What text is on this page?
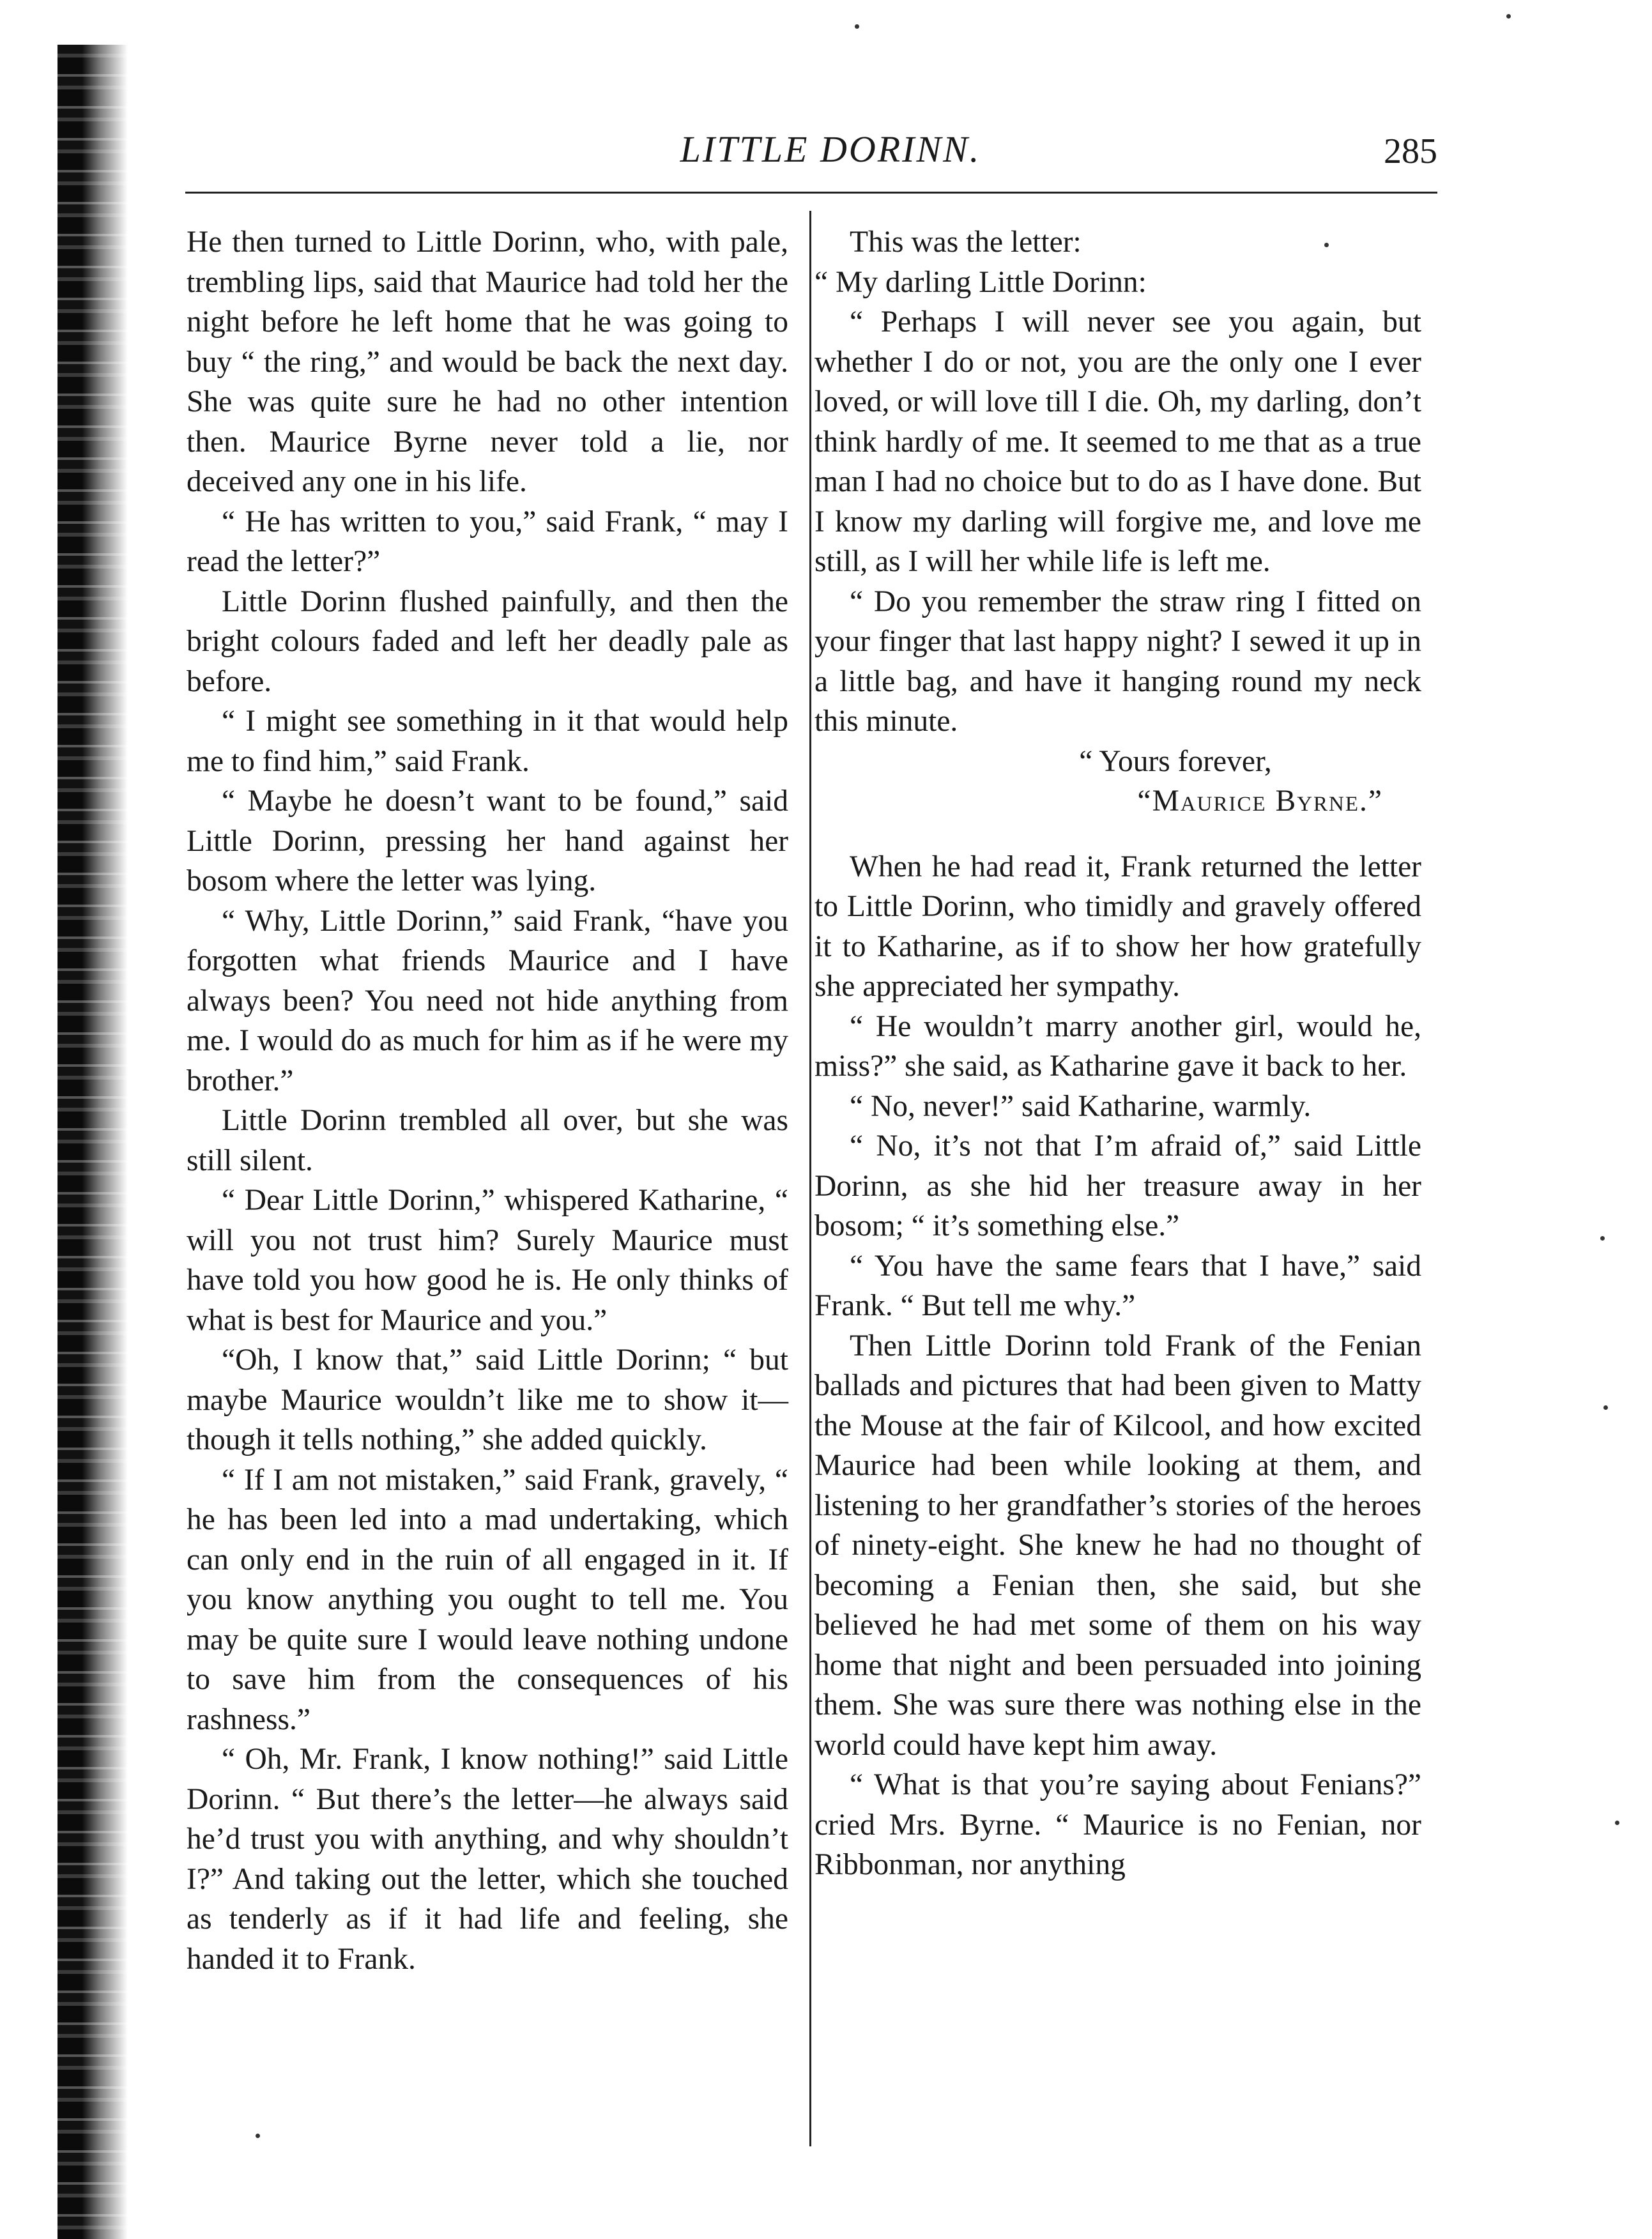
LITTLE DORINN.	285

He then turned to Little Dorinn, who, with pale, trembling lips, said that Maurice had told her the night before he left home that he was going to buy “ the ring,” and would be back the next day. She was quite sure he had no other intention then. Maurice Byrne never told a lie, nor deceived any one in his life.

“ He has written to you,” said Frank, “ may I read the letter?”

Little Dorinn flushed painfully, and then the bright colours faded and left her deadly pale as before.

“ I might see something in it that would help me to find him,” said Frank.

“ Maybe he doesn’t want to be found,” said Little Dorinn, pressing her hand against her bosom where the letter was lying.

“ Why, Little Dorinn,” said Frank, “have you forgotten what friends Maurice and I have always been? You need not hide anything from me. I would do as much for him as if he were my brother.”

Little Dorinn trembled all over, but she was still silent.

“ Dear Little Dorinn,” whispered Katharine, “ will you not trust him? Surely Maurice must have told you how good he is. He only thinks of what is best for Maurice and you.”

“Oh, I know that,” said Little Dorinn; “ but maybe Maurice wouldn’t like me to show it—though it tells nothing,” she added quickly.

“ If I am not mistaken,” said Frank, gravely, “ he has been led into a mad undertaking, which can only end in the ruin of all engaged in it. If you know anything you ought to tell me. You may be quite sure I would leave nothing undone to save him from the consequences of his rashness.”

“ Oh, Mr. Frank, I know nothing!” said Little Dorinn. “ But there’s the letter—he always said he’d trust you with anything, and why shouldn’t I?” And taking out the letter, which she touched as tenderly as if it had life and feeling, she handed it to Frank.

This was the letter:

“ My darling Little Dorinn:

“ Perhaps I will never see you again, but whether I do or not, you are the only one I ever loved, or will love till I die. Oh, my darling, don’t think hardly of me. It seemed to me that as a true man I had no choice but to do as I have done. But I know my darling will forgive me, and love me still, as I will her while life is left me.

“ Do you remember the straw ring I fitted on your finger that last happy night? I sewed it up in a little bag, and have it hanging round my neck this minute.

“ Yours forever,

“Maurice Byrne.”

When he had read it, Frank returned the letter to Little Dorinn, who timidly and gravely offered it to Katharine, as if to show her how gratefully she appreciated her sympathy.

“ He wouldn’t marry another girl, would he, miss?” she said, as Katharine gave it back to her.

“ No, never!” said Katharine, warmly.

“ No, it’s not that I’m afraid of,” said Little Dorinn, as she hid her treasure away in her bosom; “ it’s something else.”

“ You have the same fears that I have,” said Frank. “ But tell me why.”

Then Little Dorinn told Frank of the Fenian ballads and pictures that had been given to Matty the Mouse at the fair of Kilcool, and how excited Maurice had been while looking at them, and listening to her grandfather’s stories of the heroes of ninety-eight. She knew he had no thought of becoming a Fenian then, she said, but she believed he had met some of them on his way home that night and been persuaded into joining them. She was sure there was nothing else in the world could have kept him away.

“ What is that you’re saying about Fenians?” cried Mrs. Byrne. “ Maurice is no Fenian, nor Ribbonman, nor anything
